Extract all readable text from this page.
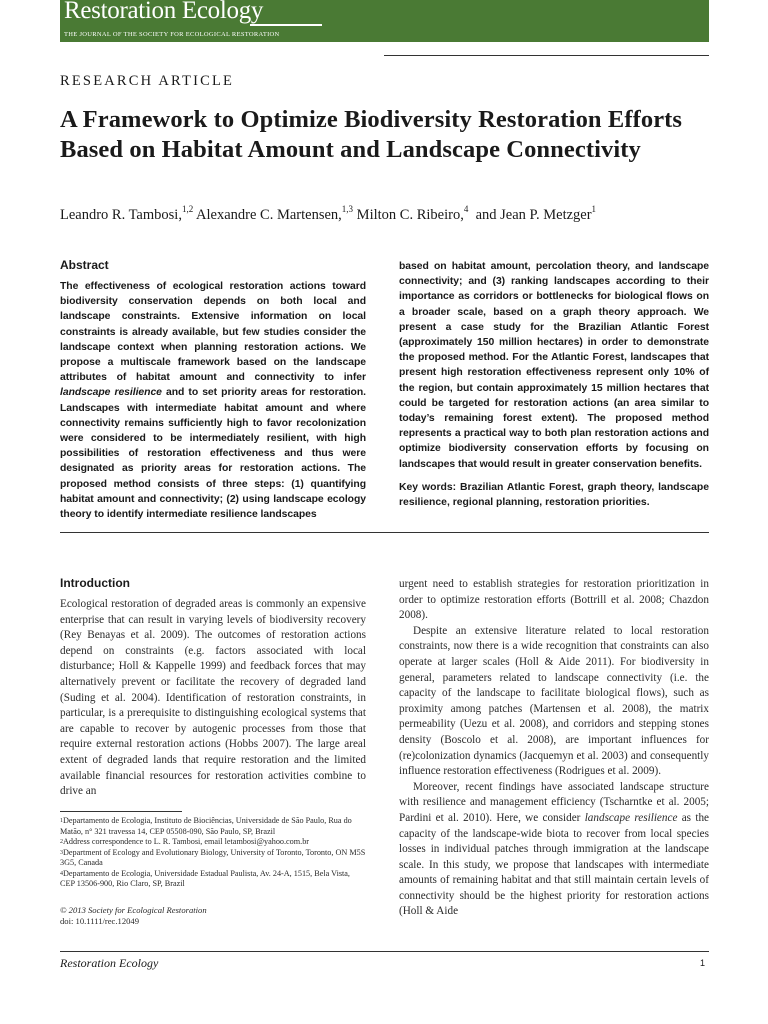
Restoration Ecology
THE JOURNAL OF THE SOCIETY FOR ECOLOGICAL RESTORATION
RESEARCH ARTICLE
A Framework to Optimize Biodiversity Restoration Efforts Based on Habitat Amount and Landscape Connectivity
Leandro R. Tambosi,$^{1,2}$ Alexandre C. Martensen,$^{1,3}$ Milton C. Ribeiro,$^4$ and Jean P. Metzger$^1$
Abstract

The effectiveness of ecological restoration actions toward biodiversity conservation depends on both local and landscape constraints. Extensive information on local constraints is already available, but few studies consider the landscape context when planning restoration actions. We propose a multiscale framework based on the landscape attributes of habitat amount and connectivity to infer landscape resilience and to set priority areas for restoration. Landscapes with intermediate habitat amount and where connectivity remains sufficiently high to favor recolonization were considered to be intermediately resilient, with high possibilities of restoration effectiveness and thus were designated as priority areas for restoration actions. The proposed method consists of three steps: (1) quantifying habitat amount and connectivity; (2) using landscape ecology theory to identify intermediate resilience landscapes

based on habitat amount, percolation theory, and landscape connectivity; and (3) ranking landscapes according to their importance as corridors or bottlenecks for biological flows on a broader scale, based on a graph theory approach. We present a case study for the Brazilian Atlantic Forest (approximately 150 million hectares) in order to demonstrate the proposed method. For the Atlantic Forest, landscapes that present high restoration effectiveness represent only 10% of the region, but contain approximately 15 million hectares that could be targeted for restoration actions (an area similar to today’s remaining forest extent). The proposed method represents a practical way to both plan restoration actions and optimize biodiversity conservation efforts by focusing on landscapes that would result in greater conservation benefits.

Key words: Brazilian Atlantic Forest, graph theory, landscape resilience, regional planning, restoration priorities.

Introduction

Ecological restoration of degraded areas is commonly an expensive enterprise that can result in varying levels of biodiversity recovery (Rey Benayas et al. 2009). The outcomes of restoration actions depend on constraints (e.g. factors associated with local disturbance; Holl & Kappelle 1999) and feedback forces that may alternatively prevent or facilitate the recovery of degraded land (Suding et al. 2004). Identification of restoration constraints, in particular, is a prerequisite to distinguishing ecological systems that are capable to recover by autogenic processes from those that require external restoration actions (Hobbs 2007). The large areal extent of degraded lands that require restoration and the limited available financial resources for restoration activities combine to drive an

urgent need to establish strategies for restoration prioritization in order to optimize restoration efforts (Bottrill et al. 2008; Chazdon 2008).

Despite an extensive literature related to local restoration constraints, now there is a wide recognition that constraints can also operate at larger scales (Holl & Aide 2011). For biodiversity in general, parameters related to landscape connectivity (i.e. the capacity of the landscape to facilitate biological flows), such as proximity among patches (Martensen et al. 2008), the matrix permeability (Uezu et al. 2008), and corridors and stepping stones density (Boscolo et al. 2008), are important influences for (re)colonization dynamics (Jacquemyn et al. 2003) and consequently influence restoration effectiveness (Rodrigues et al. 2009).

Moreover, recent findings have associated landscape structure with resilience and management efficiency (Tscharntke et al. 2005; Pardini et al. 2010). Here, we consider landscape resilience as the capacity of the landscape-wide biota to recover from local species losses in individual patches through immigration at the landscape scale. In this study, we propose that landscapes with intermediate amounts of remaining habitat and that still maintain certain levels of connectivity should be the highest priority for restoration actions (Holl & Aide

$^1$Departamento de Ecologia, Instituto de Biociências, Universidade de São Paulo, Rua do Matão, n° 321 travessa 14, CEP 05508-090, São Paulo, SP, Brazil

$^2$Address correspondence to L. R. Tambosi, email letambosi@yahoo.com.br

$^3$Department of Ecology and Evolutionary Biology, University of Toronto, Toronto, ON M5S 3G5, Canada

$^4$Departamento de Ecologia, Universidade Estadual Paulista, Av. 24-A, 1515, Bela Vista, CEP 13506-900, Rio Claro, SP, Brazil

© 2013 Society for Ecological Restoration
doi: 10.1111/rec.12049
Restoration Ecology	1
